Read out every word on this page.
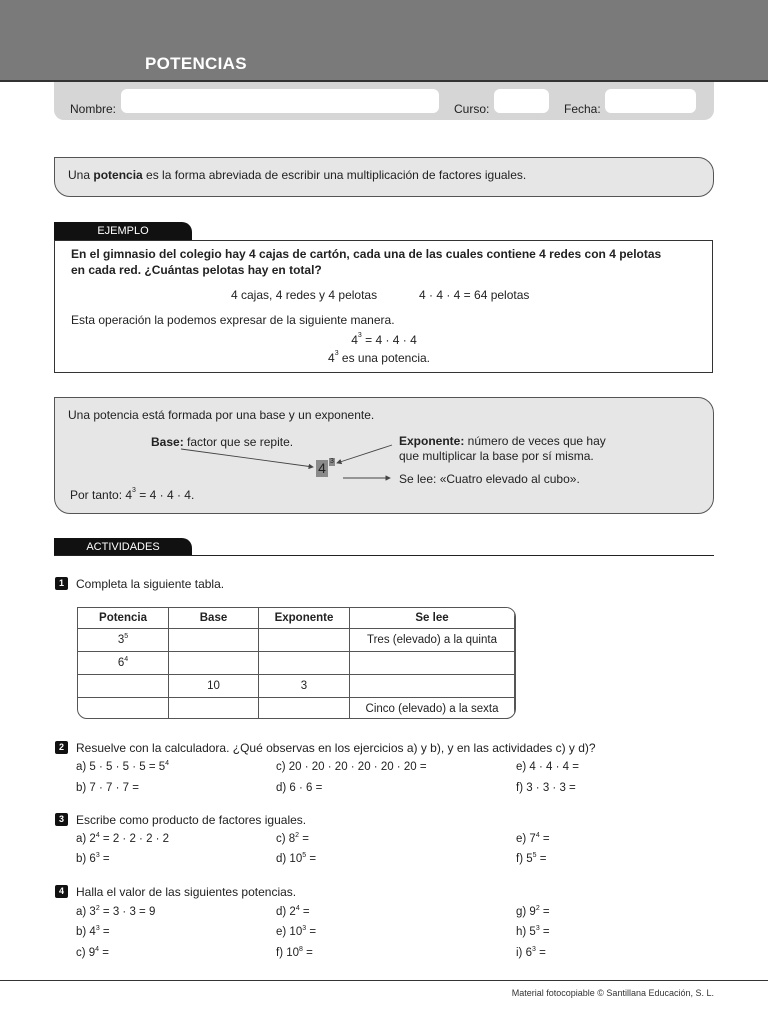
POTENCIAS
Nombre:	Curso:	Fecha:
Una potencia es la forma abreviada de escribir una multiplicación de factores iguales.
EJEMPLO
En el gimnasio del colegio hay 4 cajas de cartón, cada una de las cuales contiene 4 redes con 4 pelotas
en cada red. ¿Cuántas pelotas hay en total?
4 cajas, 4 redes y 4 pelotas	4 · 4 · 4 = 64 pelotas
Esta operación la podemos expresar de la siguiente manera.
$4^3 = 4 \cdot 4 \cdot 4$
$4^3$ es una potencia.
Una potencia está formada por una base y un exponente.
Base: factor que se repite.	Exponente: número de veces que hay
que multiplicar la base por sí misma.
4 3
Se lee: «Cuatro elevado al cubo».
Por tanto: $4^3 = 4 \cdot 4 \cdot 4$.
ACTIVIDADES
1	Completa la siguiente tabla.
Potencia	Base	Exponente	Se lee
$3^5$			Tres (elevado) a la quinta
$6^4$			
	10	3	
			Cinco (elevado) a la sexta
2	Resuelve con la calculadora. ¿Qué observas en los ejercicios a) y b), y en las actividades c) y d)?
a) $5 \cdot 5 \cdot 5 \cdot 5 = 5^4$	c) 20 · 20 · 20 · 20 · 20 · 20 =	e) 4 · 4 · 4 =
b) 7 · 7 · 7 =	d) 6 · 6 =	f) 3 · 3 · 3 =
3	Escribe como producto de factores iguales.
a) $2^4 = 2 \cdot 2 \cdot 2 \cdot 2$	c) $8^2$ =	e) $7^4$ =
b) $6^3$ =	d) $10^5$ =	f) $5^5$ =
4	Halla el valor de las siguientes potencias.
a) $3^2 = 3 \cdot 3 = 9$	d) $2^4$ =	g) $9^2$ =
b) $4^3$ =	e) $10^3$ =	h) $5^3$ =
c) $9^4$ =	f) $10^8$ =	i) $6^3$ =
Material fotocopiable © Santillana Educación, S. L.
